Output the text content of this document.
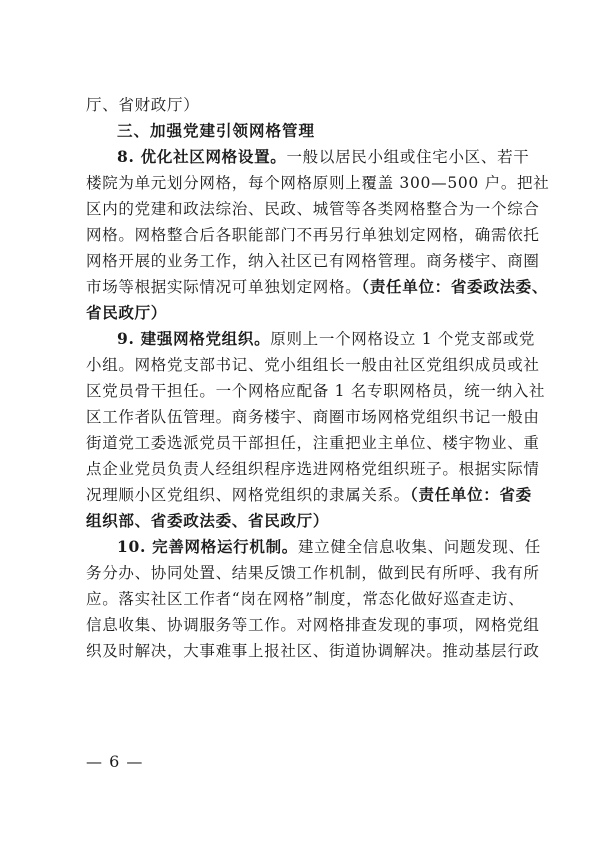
厅、省财政厅）
三、加强党建引领网格管理
8. 优化社区网格设置。一般以居民小组或住宅小区、若干
楼院为单元划分网格，每个网格原则上覆盖 300—500 户。把社
区内的党建和政法综治、民政、城管等各类网格整合为一个综合
网格。网格整合后各职能部门不再另行单独划定网格，确需依托
网格开展的业务工作，纳入社区已有网格管理。商务楼宇、商圈
市场等根据实际情况可单独划定网格。（责任单位：省委政法委、
省民政厅）
9. 建强网格党组织。原则上一个网格设立 1 个党支部或党
小组。网格党支部书记、党小组组长一般由社区党组织成员或社
区党员骨干担任。一个网格应配备 1 名专职网格员，统一纳入社
区工作者队伍管理。商务楼宇、商圈市场网格党组织书记一般由
街道党工委选派党员干部担任，注重把业主单位、楼宇物业、重
点企业党员负责人经组织程序选进网格党组织班子。根据实际情
况理顺小区党组织、网格党组织的隶属关系。（责任单位：省委
组织部、省委政法委、省民政厅）
10. 完善网格运行机制。建立健全信息收集、问题发现、任
务分办、协同处置、结果反馈工作机制，做到民有所呼、我有所
应。落实社区工作者“岗在网格”制度，常态化做好巡查走访、
信息收集、协调服务等工作。对网格排查发现的事项，网格党组
织及时解决，大事难事上报社区、街道协调解决。推动基层行政
— 6 —
